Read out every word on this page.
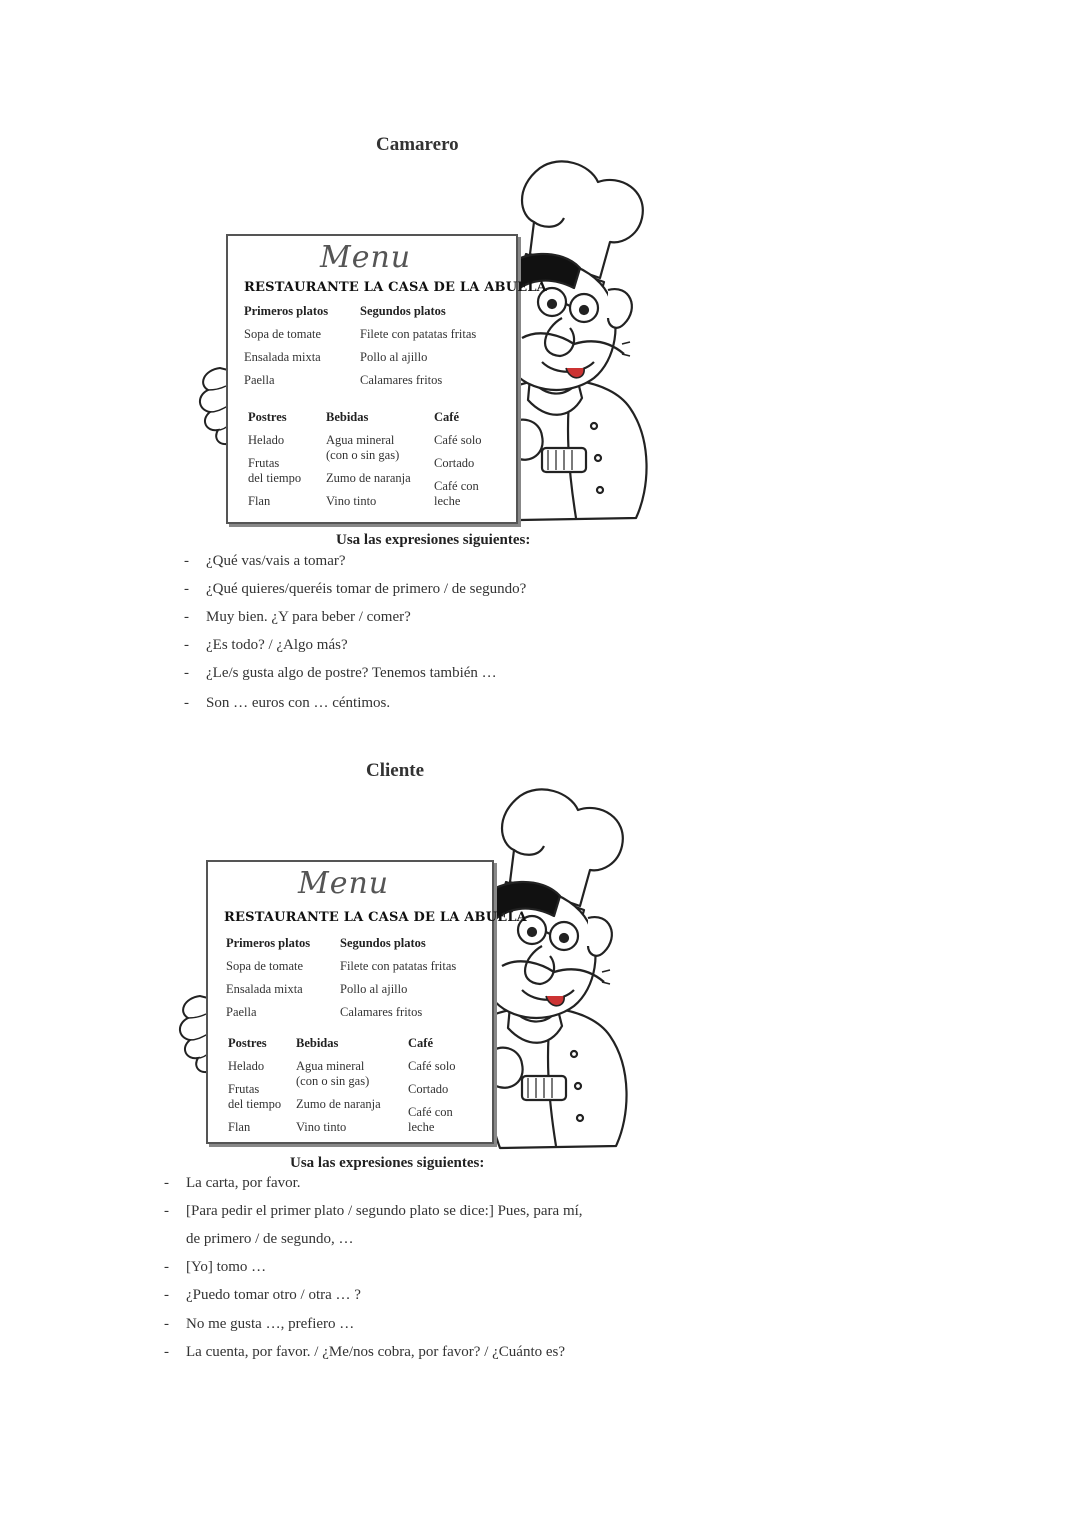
Camarero
Menu
RESTAURANTE LA CASA DE LA ABUELA
Primeros platos
Sopa de tomate
Ensalada mixta
Paella
Segundos platos
Filete con patatas fritas
Pollo al ajillo
Calamares fritos
Postres
Helado
Frutas
del tiempo
Flan
Bebidas
Agua mineral
(con o sin gas)
Zumo de naranja
Vino tinto
Café
Café solo
Cortado
Café con
leche
Usa las expresiones siguientes:
- ¿Qué vas/vais a tomar?
- ¿Qué quieres/queréis tomar de primero / de segundo?
- Muy bien. ¿Y para beber / comer?
- ¿Es todo? / ¿Algo más?
- ¿Le/s gusta algo de postre? Tenemos también …
- Son … euros con … céntimos.
Cliente
Menu
RESTAURANTE LA CASA DE LA ABUELA
Primeros platos
Sopa de tomate
Ensalada mixta
Paella
Segundos platos
Filete con patatas fritas
Pollo al ajillo
Calamares fritos
Postres
Helado
Frutas
del tiempo
Flan
Bebidas
Agua mineral
(con o sin gas)
Zumo de naranja
Vino tinto
Café
Café solo
Cortado
Café con
leche
Usa las expresiones siguientes:
- La carta, por favor.
- [Para pedir el primer plato / segundo plato se dice:] Pues, para mí,
de primero / de segundo, …
- [Yo] tomo …
- ¿Puedo tomar otro / otra … ?
- No me gusta …, prefiero …
- La cuenta, por favor. / ¿Me/nos cobra, por favor? / ¿Cuánto es?
